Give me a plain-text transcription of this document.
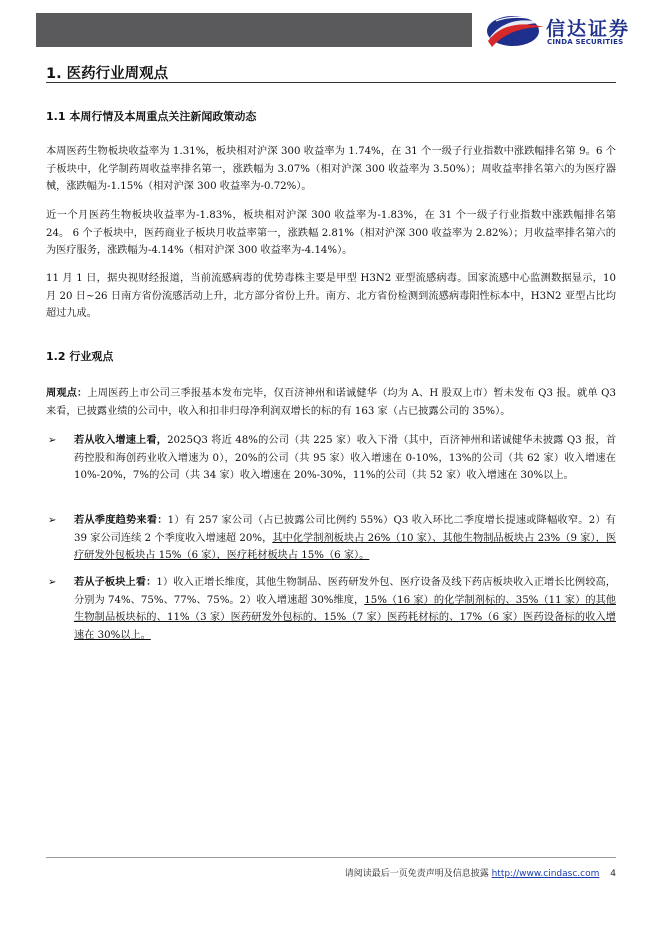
信达证券
CINDA SECURITIES
1. 医药行业周观点
1.1 本周行情及本周重点关注新闻政策动态

本周医药生物板块收益率为 1.31%，板块相对沪深 300 收益率为 1.74%，在 31 个一级子行业指数中涨跌幅排名第 9。6 个子板块中，化学制药周收益率排名第一，涨跌幅为 3.07%（相对沪深 300 收益率为 3.50%）；周收益率排名第六的为医疗器械，涨跌幅为-1.15%（相对沪深 300 收益率为-0.72%）。

近一个月医药生物板块收益率为-1.83%，板块相对沪深 300 收益率为-1.83%，在 31 个一级子行业指数中涨跌幅排名第 24。 6 个子板块中，医药商业子板块月收益率第一，涨跌幅 2.81%（相对沪深 300 收益率为 2.82%）；月收益率排名第六的为医疗服务，涨跌幅为-4.14%（相对沪深 300 收益率为-4.14%）。

11 月 1 日，据央视财经报道，当前流感病毒的优势毒株主要是甲型 H3N2 亚型流感病毒。国家流感中心监测数据显示，10 月 20 日~26 日南方省份流感活动上升，北方部分省份上升。南方、北方省份检测到流感病毒阳性标本中，H3N2 亚型占比均超过九成。

1.2 行业观点

周观点：上周医药上市公司三季报基本发布完毕，仅百济神州和诺诚健华（均为 A、H 股双上市）暂未发布 Q3 报。就单 Q3 来看，已披露业绩的公司中，收入和扣非归母净利润双增长的标的有 163 家（占已披露公司的 35%）。

➢ 若从收入增速上看，2025Q3 将近 48%的公司（共 225 家）收入下滑（其中，百济神州和诺诚健华未披露 Q3 报，首药控股和海创药业收入增速为 0），20%的公司（共 95 家）收入增速在 0-10%，13%的公司（共 62 家）收入增速在 10%-20%，7%的公司（共 34 家）收入增速在 20%-30%，11%的公司（共 52 家）收入增速在 30%以上。

➢ 若从季度趋势来看：1）有 257 家公司（占已披露公司比例约 55%）Q3 收入环比二季度增长提速或降幅收窄。2）有 39 家公司连续 2 个季度收入增速超 20%，其中化学制剂板块占 26%（10 家）、其他生物制品板块占 23%（9 家），医疗研发外包板块占 15%（6 家），医疗耗材板块占 15%（6 家）。

➢ 若从子板块上看：1）收入正增长维度，其他生物制品、医药研发外包、医疗设备及线下药店板块收入正增长比例较高，分别为 74%、75%、77%、75%。2）收入增速超 30%维度，15%（16 家）的化学制剂标的、35%（11 家）的其他生物制品板块标的、11%（3 家）医药研发外包标的、15%（7 家）医药耗材标的、17%（6 家）医药设备标的收入增速在 30%以上。

请阅读最后一页免责声明及信息披露 http://www.cindasc.com 4
